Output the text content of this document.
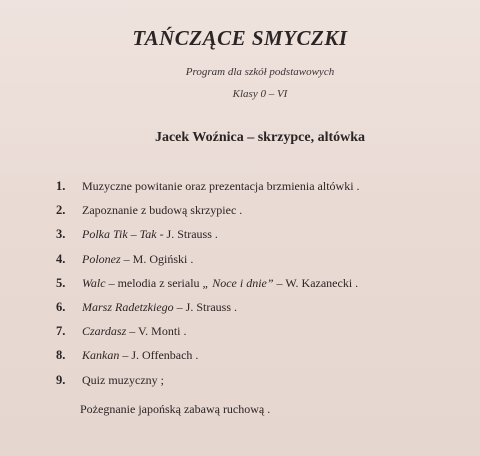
TAŃCZĄCE SMYCZKI
Program dla szkół podstawowych
Klasy 0 – VI
Jacek Woźnica – skrzypce, altówka
1. Muzyczne powitanie oraz prezentacja brzmienia altówki .
2. Zapoznanie z budową skrzypiec .
3. Polka Tik – Tak - J. Strauss .
4. Polonez – M. Ogiński .
5. Walc – melodia z serialu „ Noce i dnie” – W. Kazanecki .
6. Marsz Radetzkiego – J. Strauss .
7. Czardasz – V. Monti .
8. Kankan – J. Offenbach .
9. Quiz muzyczny ;
Pożegnanie japońską zabawą ruchową .
